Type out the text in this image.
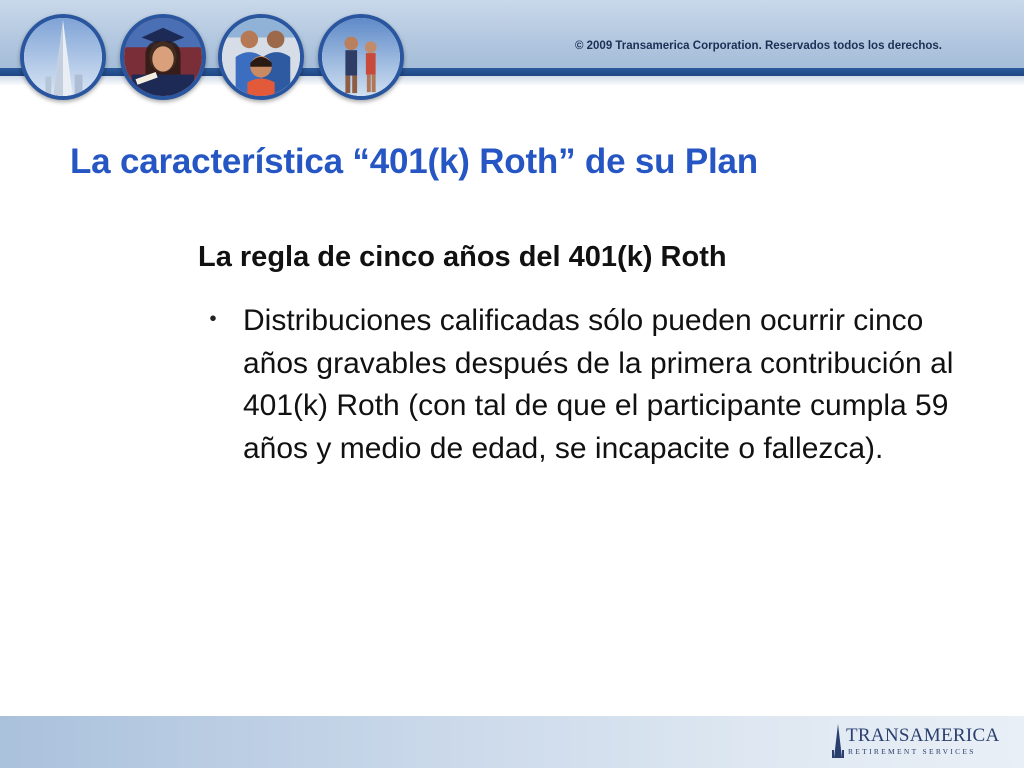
© 2009 Transamerica Corporation. Reservados todos los derechos.
La característica “401(k) Roth” de su Plan
La regla de cinco años del 401(k) Roth
・ Distribuciones calificadas sólo pueden ocurrir cinco años gravables después de la primera contribución al 401(k) Roth (con tal de que el participante cumpla 59 años y medio de edad, se incapacite o fallezca).

TRANSAMERICA
RETIREMENT SERVICES
